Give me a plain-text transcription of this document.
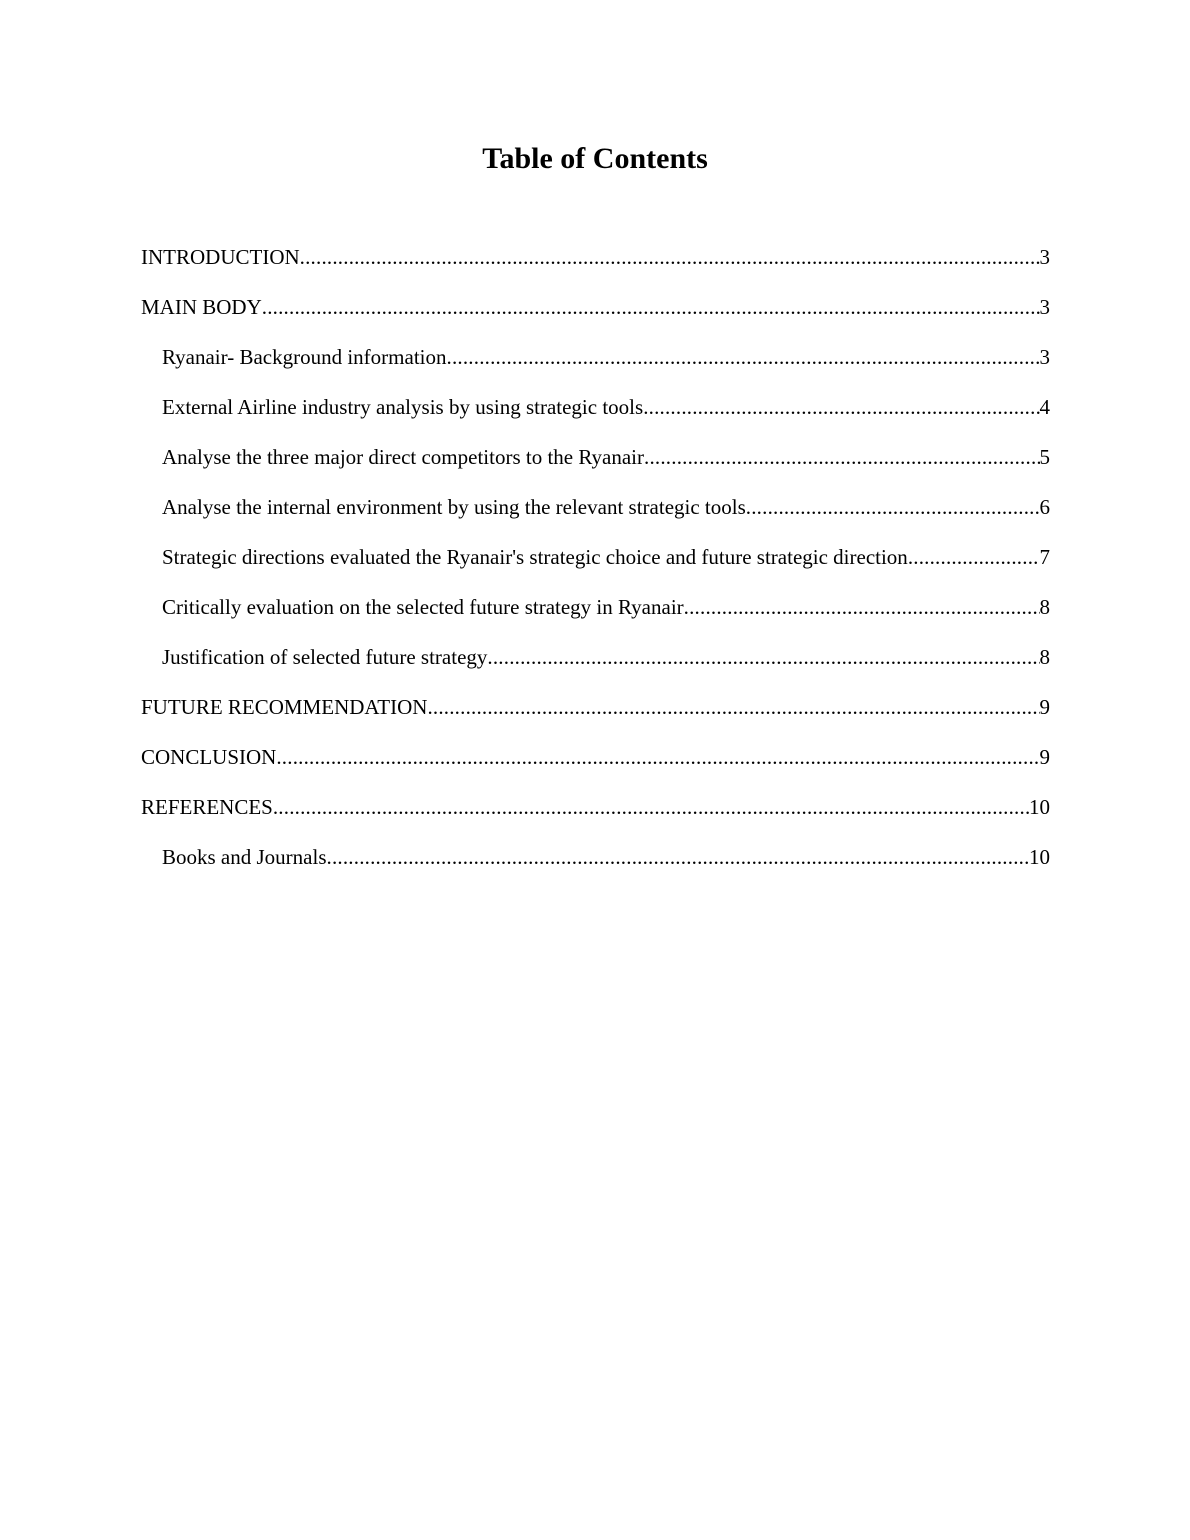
Table of Contents
INTRODUCTION .....	3
MAIN BODY .....	3
Ryanair- Background information .....	3
External Airline industry analysis by using strategic tools .....	4
Analyse the three major direct competitors to the Ryanair .....	5
Analyse the internal environment by using the relevant strategic tools .....	6
Strategic directions evaluated the Ryanair's strategic choice and future strategic direction .....	7
Critically evaluation on the selected future strategy in Ryanair .....	8
Justification of selected future strategy .....	8
FUTURE RECOMMENDATION .....	9
CONCLUSION .....	9
REFERENCES .....	10
Books and Journals .....	10
